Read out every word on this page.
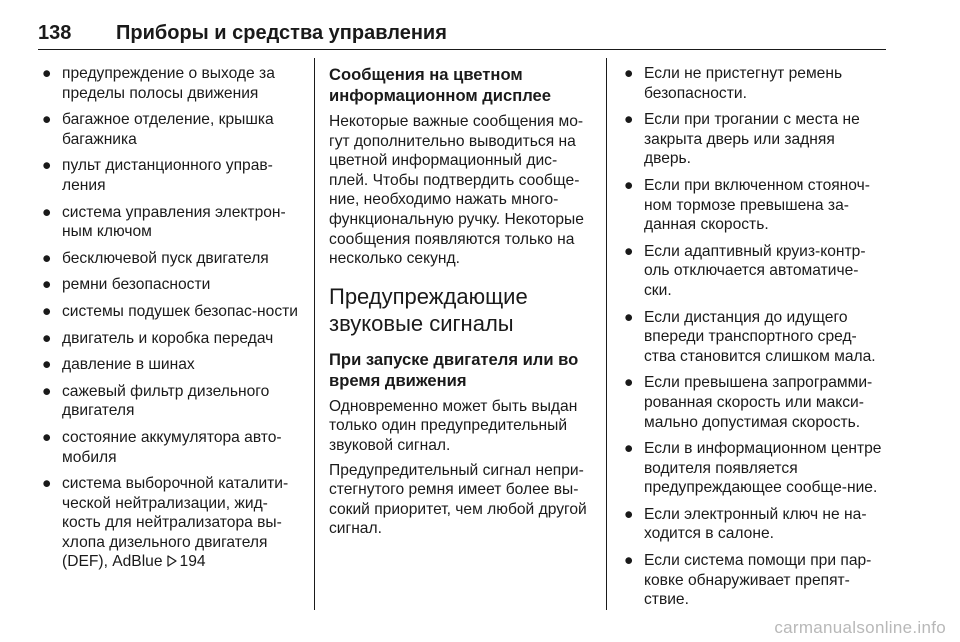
138	Приборы и средства управления
● предупреждение о выходе за пределы полосы движения
● багажное отделение, крышка багажника
● пульт дистанционного управ-ления
● система управления электрон-ным ключом
● бесключевой пуск двигателя
● ремни безопасности
● системы подушек безопас-ности
● двигатель и коробка передач
● давление в шинах
● сажевый фильтр дизельного двигателя
● состояние аккумулятора авто-мобиля
● система выборочной каталити-ческой нейтрализации, жид-кость для нейтрализатора вы-хлопа дизельного двигателя (DEF), AdBlue 194
Сообщения на цветном информационном дисплее
Некоторые важные сообщения мо-гут дополнительно выводиться на цветной информационный дис-плей. Чтобы подтвердить сообще-ние, необходимо нажать много-функциональную ручку. Некоторые сообщения появляются только на несколько секунд.
Предупреждающие звуковые сигналы
При запуске двигателя или во время движения
Одновременно может быть выдан только один предупредительный звуковой сигнал.
Предупредительный сигнал непри-стегнутого ремня имеет более вы-сокий приоритет, чем любой другой сигнал.
● Если не пристегнут ремень безопасности.
● Если при трогании с места не закрыта дверь или задняя дверь.
● Если при включенном стояноч-ном тормозе превышена за-данная скорость.
● Если адаптивный круиз-контр-оль отключается автоматиче-ски.
● Если дистанция до идущего впереди транспортного сред-ства становится слишком мала.
● Если превышена запрограмми-рованная скорость или макси-мально допустимая скорость.
● Если в информационном центре водителя появляется предупреждающее сообще-ние.
● Если электронный ключ не на-ходится в салоне.
● Если система помощи при пар-ковке обнаруживает препят-ствие.
carmanualsonline.info
